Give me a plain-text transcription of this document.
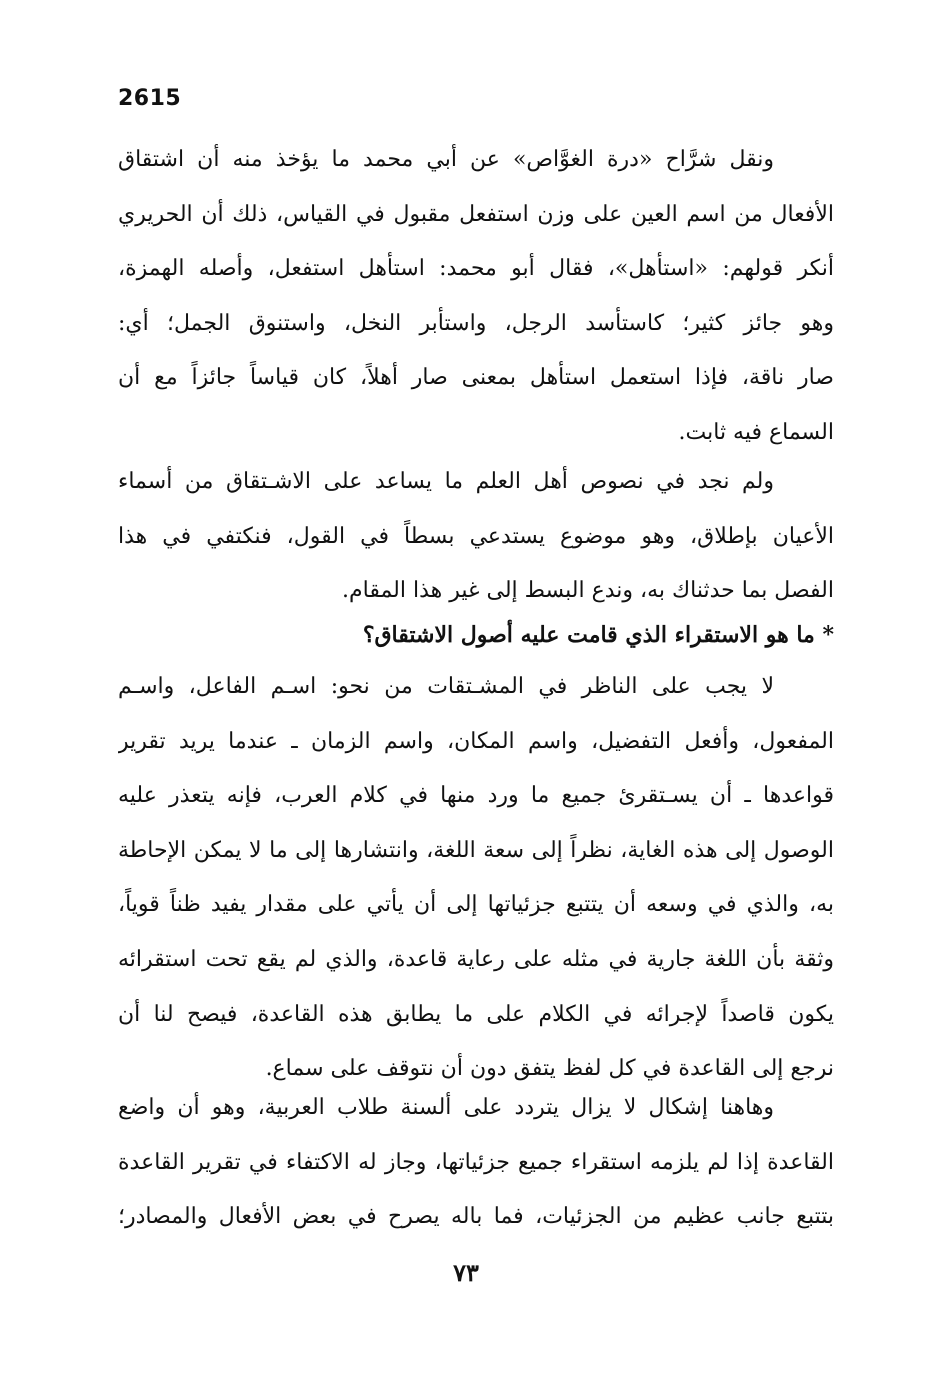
2615
ونقل شرَّاح «درة الغوَّاص» عن أبي محمد ما يؤخذ منه أن اشتقاق
الأفعال من اسم العين على وزن استفعل مقبول في القياس، ذلك أن الحريري
أنكر قولهم: «استأهل»، فقال أبو محمد: استأهل استفعل، وأصله الهمزة،
وهو جائز كثير؛ كاستأسد الرجل، واستأبر النخل، واستنوق الجمل؛ أي:
صار ناقة، فإذا استعمل استأهل بمعنى صار أهلاً، كان قياساً جائزاً مع أن
السماع فيه ثابت.
ولم نجد في نصوص أهل العلم ما يساعد على الاشـتقاق من أسماء
الأعيان بإطلاق، وهو موضوع يستدعي بسطاً في القول، فنكتفي في هذا
الفصل بما حدثناك به، وندع البسط إلى غير هذا المقام.
* ما هو الاستقراء الذي قامت عليه أصول الاشتقاق؟
لا يجب على الناظر في المشـتقات من نحو: اسـم الفاعل، واسـم
المفعول، وأفعل التفضيل، واسم المكان، واسم الزمان ـ عندما يريد تقرير
قواعدها ـ أن يسـتقرئ جميع ما ورد منها في كلام العرب، فإنه يتعذر عليه
الوصول إلى هذه الغاية، نظراً إلى سعة اللغة، وانتشارها إلى ما لا يمكن الإحاطة
به، والذي في وسعه أن يتتبع جزئياتها إلى أن يأتي على مقدار يفيد ظناً قوياً،
وثقة بأن اللغة جارية في مثله على رعاية قاعدة، والذي لم يقع تحت استقرائه
يكون قاصداً لإجرائه في الكلام على ما يطابق هذه القاعدة، فيصح لنا أن
نرجع إلى القاعدة في كل لفظ يتفق دون أن نتوقف على سماع.
وهاهنا إشكال لا يزال يتردد على ألسنة طلاب العربية، وهو أن واضع
القاعدة إذا لم يلزمه استقراء جميع جزئياتها، وجاز له الاكتفاء في تقرير القاعدة
بتتبع جانب عظيم من الجزئيات، فما باله يصرح في بعض الأفعال والمصادر؛
٧٣
